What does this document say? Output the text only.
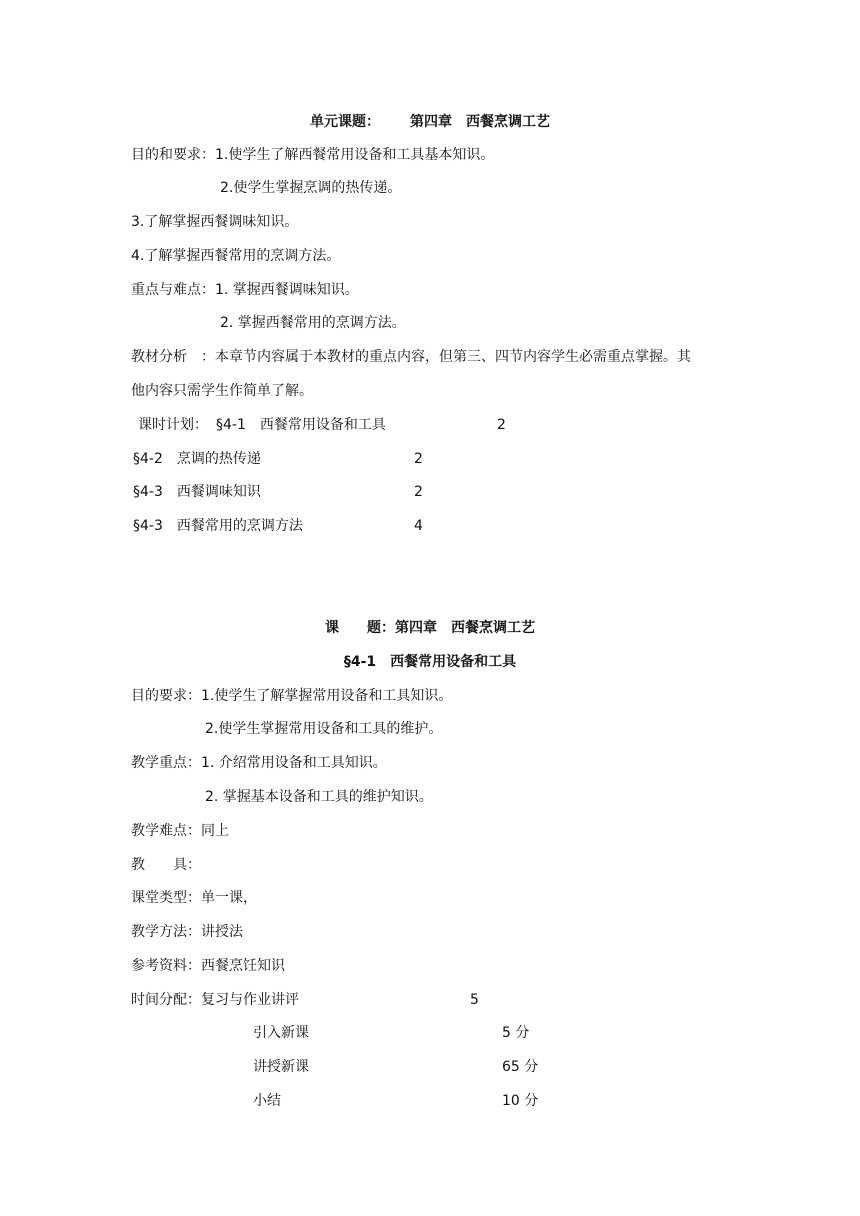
单元课题： 第四章　西餐烹调工艺
目的和要求：1.使学生了解西餐常用设备和工具基本知识。
2.使学生掌握烹调的热传递。
3.了解掌握西餐调味知识。
4.了解掌握西餐常用的烹调方法。
重点与难点：1. 掌握西餐调味知识。
2. 掌握西餐常用的烹调方法。
教材分析　：本章节内容属于本教材的重点内容，但第三、四节内容学生必需重点掌握。其
他内容只需学生作简单了解。
课时计划： §4-1　西餐常用设备和工具	2
§4-2　烹调的热传递	2
§4-3　西餐调味知识	2
§4-3　西餐常用的烹调方法	4
课　　题：第四章　西餐烹调工艺
§4-1　西餐常用设备和工具
目的要求：1.使学生了解掌握常用设备和工具知识。
2.使学生掌握常用设备和工具的维护。
教学重点：1. 介绍常用设备和工具知识。
2. 掌握基本设备和工具的维护知识。
教学难点：同上
教　　具：
课堂类型：单一课，
教学方法：讲授法
参考资料：西餐烹饪知识
时间分配：复习与作业讲评	5
引入新课	5 分
讲授新课	65 分
小结	10 分
